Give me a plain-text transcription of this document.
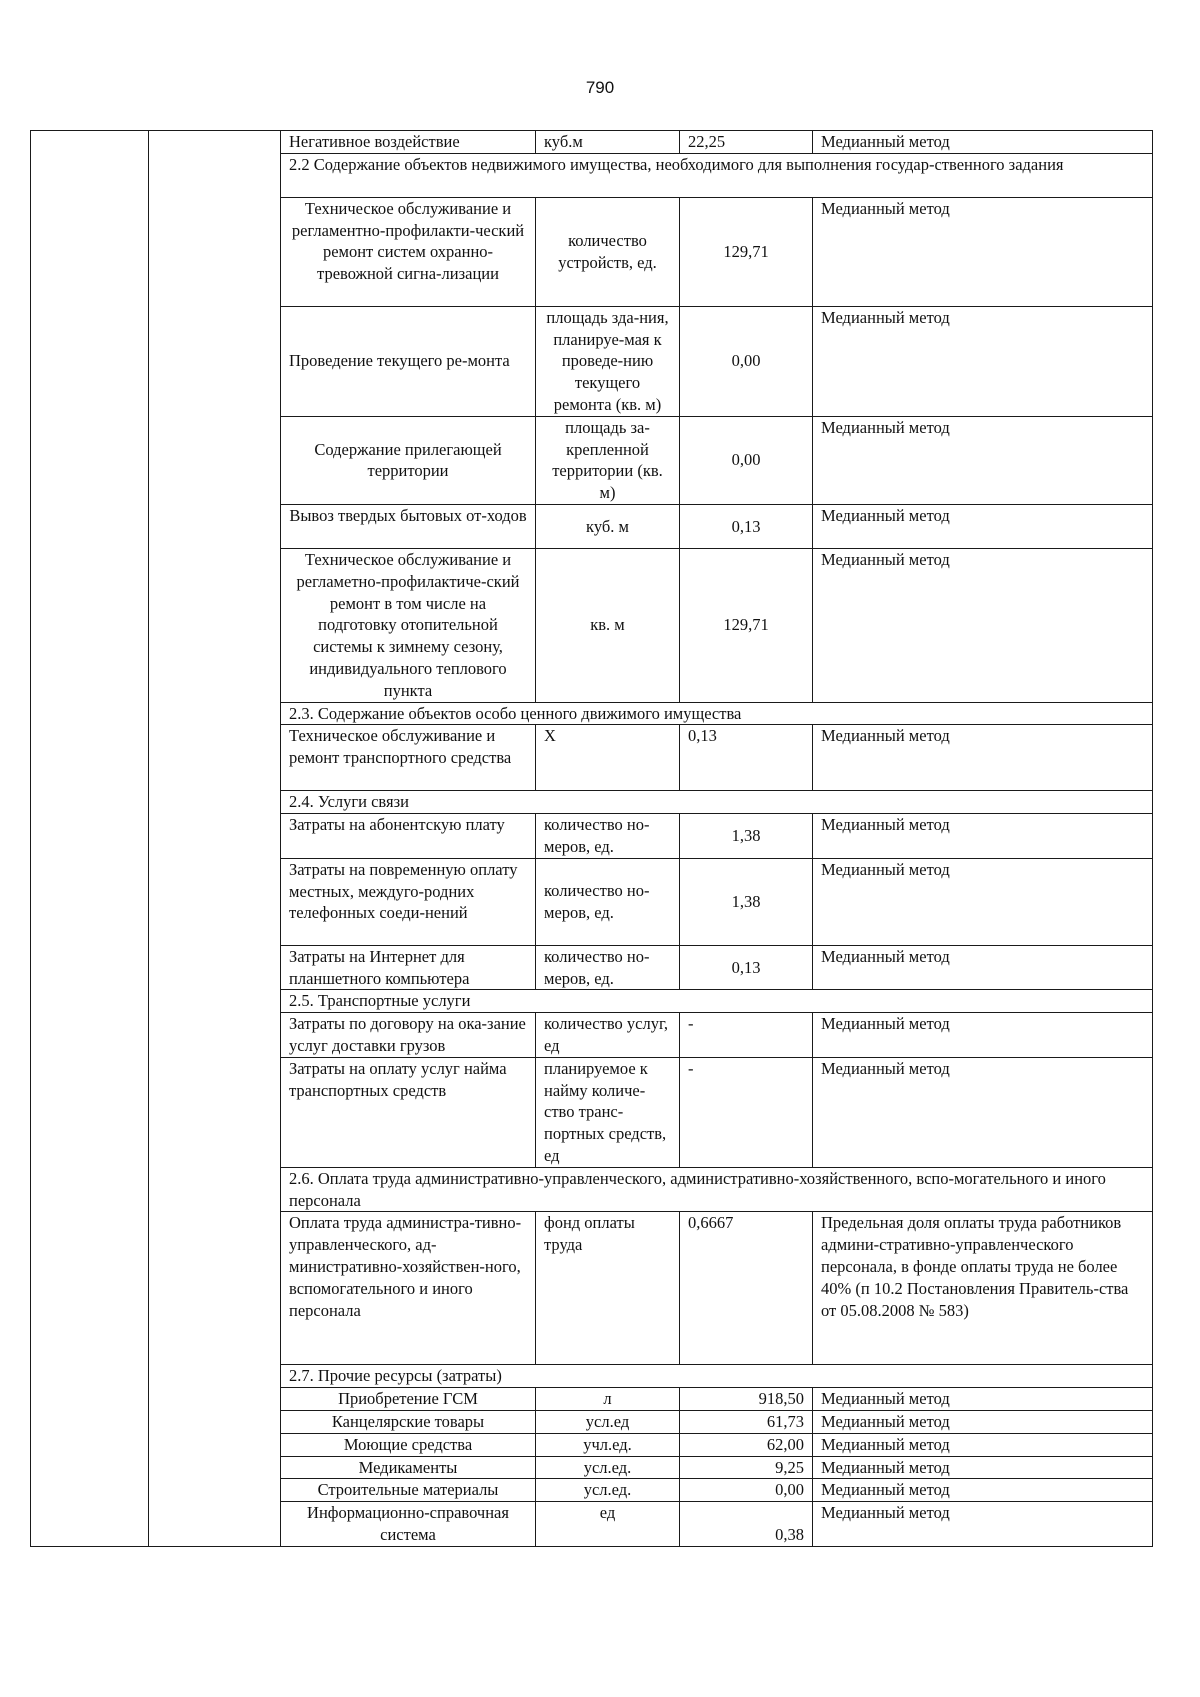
790
		Негативное воздействие	куб.м	22,25	Медианный метод
		2.2 Содержание объектов недвижимого имущества, необходимого для выполнения государ-ственного задания			
		Техническое обслуживание и регламентно-профилакти-ческий ремонт систем охранно-тревожной сигна-лизации	количество устройств, ед.	129,71	Медианный метод
		Проведение текущего ре-монта	площадь зда-ния, планируе-мая к проведе-нию текущего ремонта (кв. м)	0,00	Медианный метод
		Содержание прилегающей территории	площадь за-крепленной территории (кв. м)	0,00	Медианный метод
		Вывоз твердых бытовых от-ходов	куб. м	0,13	Медианный метод
		Техническое обслуживание и регламетно-профилактиче-ский ремонт в том числе на подготовку отопительной системы к зимнему сезону, индивидуального теплового пункта	кв. м	129,71	Медианный метод
		2.3. Содержание объектов особо ценного движимого имущества			
		Техническое обслуживание и ремонт транспортного средства	Х	0,13	Медианный метод
		2.4. Услуги связи			
		Затраты на абонентскую плату	количество но-меров, ед.	1,38	Медианный метод
		Затраты на повременную оплату местных, междуго-родних телефонных соеди-нений	количество но-меров, ед.	1,38	Медианный метод
		Затраты на Интернет для планшетного компьютера	количество но-меров, ед.	0,13	Медианный метод
		2.5. Транспортные услуги			
		Затраты по договору на ока-зание услуг доставки грузов	количество услуг, ед	-	Медианный метод
		Затраты на оплату услуг найма транспортных средств	планируемое к найму количе-ство транс-портных средств, ед	-	Медианный метод
		2.6. Оплата труда административно-управленческого, административно-хозяйственного, вспо-могательного и иного персонала			
		Оплата труда администра-тивно-управленческого, ад-министративно-хозяйствен-ного, вспомогательного и иного персонала	фонд оплаты труда	0,6667	Предельная доля оплаты труда работников админи-стративно-управленческого персонала, в фонде оплаты труда не более 40% (п 10.2 Постановления Правитель-ства от 05.08.2008 № 583)
		2.7. Прочие ресурсы (затраты)			
		Приобретение ГСМ	л	918,50	Медианный метод
		Канцелярские товары	усл.ед	61,73	Медианный метод
		Моющие средства	учл.ед.	62,00	Медианный метод
		Медикаменты	усл.ед.	9,25	Медианный метод
		Строительные материалы	усл.ед.	0,00	Медианный метод
		Информационно-справочная система	ед	0,38	Медианный метод
